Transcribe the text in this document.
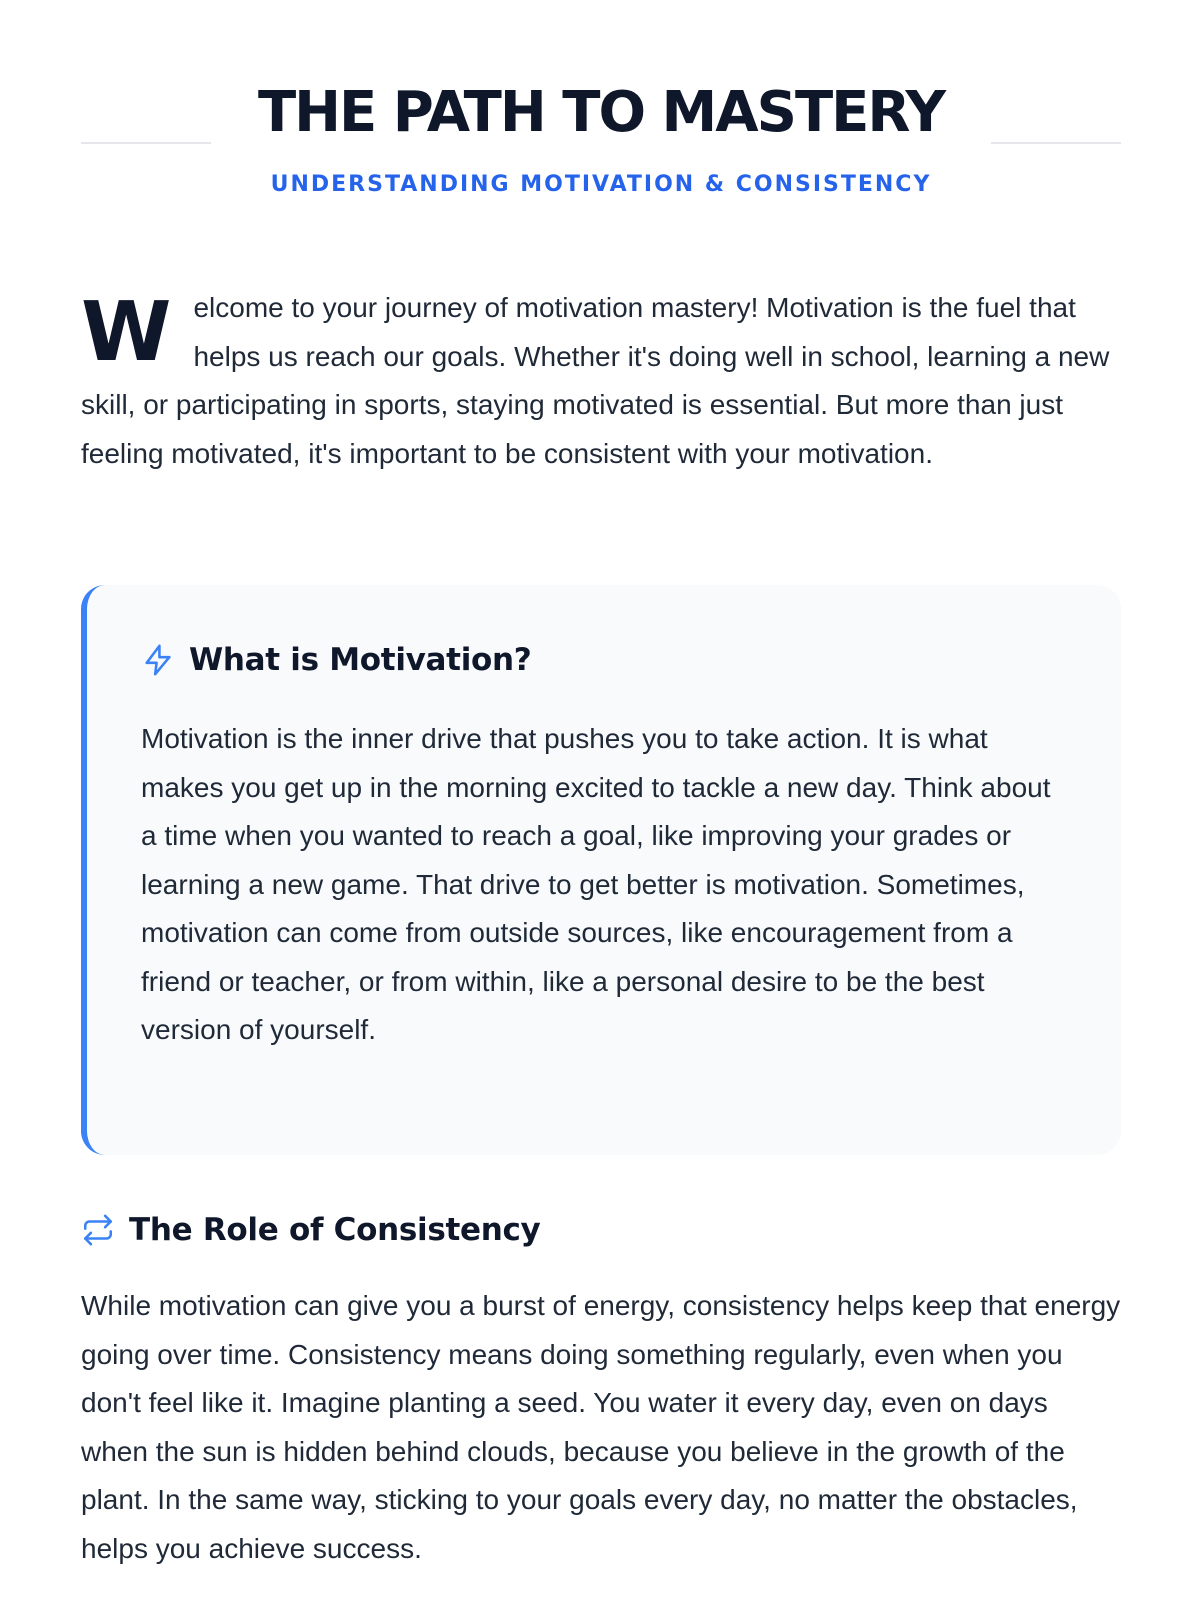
THE PATH TO MASTERY

UNDERSTANDING MOTIVATION & CONSISTENCY

Welcome to your journey of motivation mastery! Motivation is the fuel that helps us reach our goals. Whether it's doing well in school, learning a new skill, or participating in sports, staying motivated is essential. But more than just feeling motivated, it's important to be consistent with your motivation.

What is Motivation?

Motivation is the inner drive that pushes you to take action. It is what makes you get up in the morning excited to tackle a new day. Think about a time when you wanted to reach a goal, like improving your grades or learning a new game. That drive to get better is motivation. Sometimes, motivation can come from outside sources, like encouragement from a friend or teacher, or from within, like a personal desire to be the best version of yourself.

The Role of Consistency

While motivation can give you a burst of energy, consistency helps keep that energy going over time. Consistency means doing something regularly, even when you don't feel like it. Imagine planting a seed. You water it every day, even on days when the sun is hidden behind clouds, because you believe in the growth of the plant. In the same way, sticking to your goals every day, no matter the obstacles, helps you achieve success.
